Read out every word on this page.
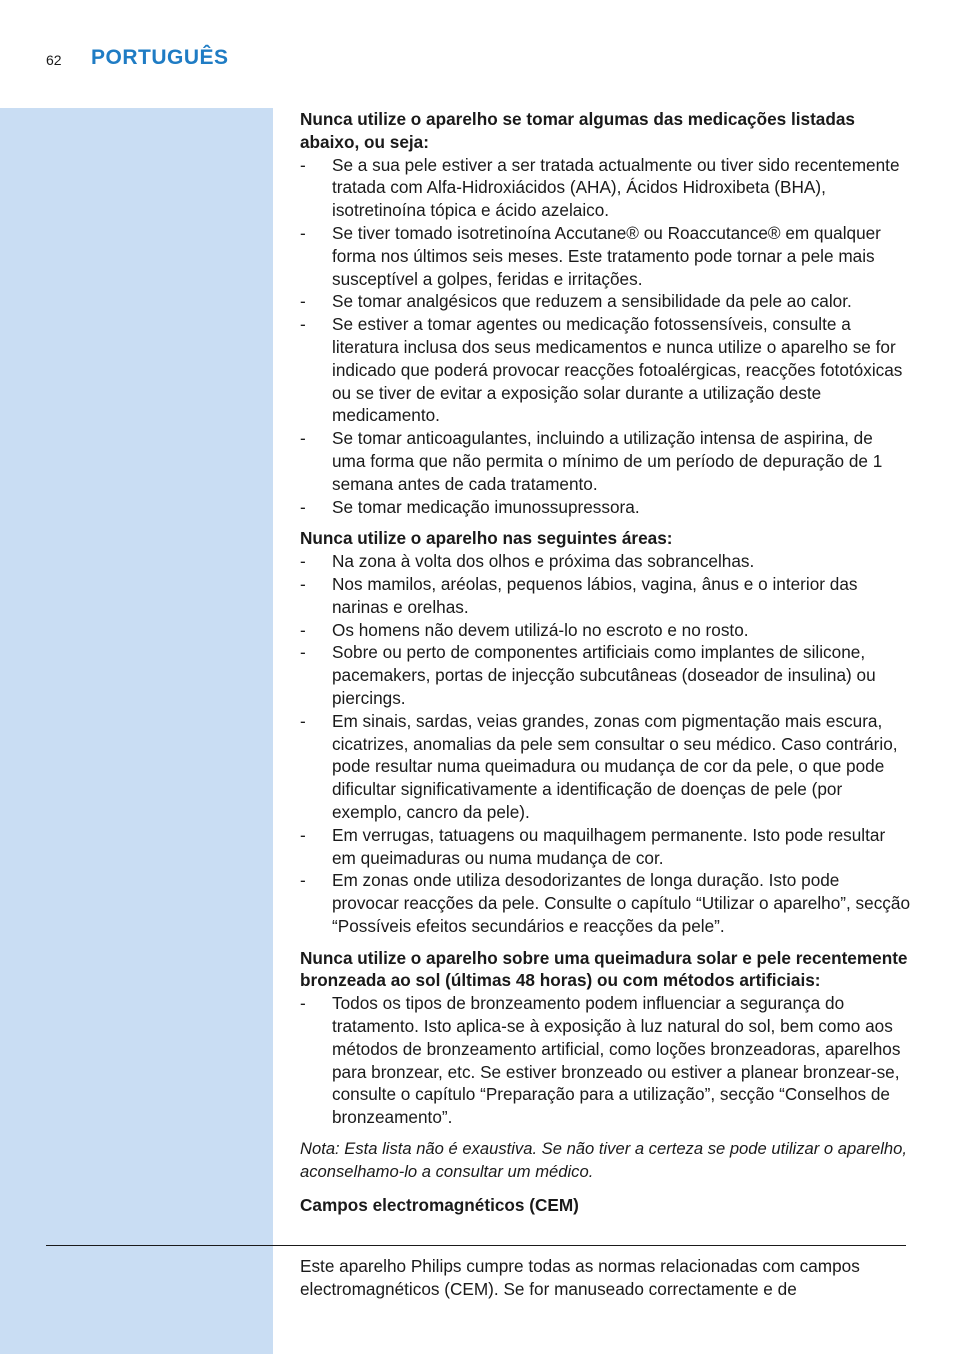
62 PORTUGUÊS

Nunca utilize o aparelho se tomar algumas das medicações listadas abaixo, ou seja:

- Se a sua pele estiver a ser tratada actualmente ou tiver sido recentemente tratada com Alfa-Hidroxiácidos (AHA), Ácidos Hidroxibeta (BHA), isotretinoína tópica e ácido azelaico.
- Se tiver tomado isotretinoína Accutane® ou Roaccutance® em qualquer forma nos últimos seis meses. Este tratamento pode tornar a pele mais susceptível a golpes, feridas e irritações.
- Se tomar analgésicos que reduzem a sensibilidade da pele ao calor.
- Se estiver a tomar agentes ou medicação fotossensíveis, consulte a literatura inclusa dos seus medicamentos e nunca utilize o aparelho se for indicado que poderá provocar reacções fotoalérgicas, reacções fototóxicas ou se tiver de evitar a exposição solar durante a utilização deste medicamento.
- Se tomar anticoagulantes, incluindo a utilização intensa de aspirina, de uma forma que não permita o mínimo de um período de depuração de 1 semana antes de cada tratamento.
- Se tomar medicação imunossupressora.

Nunca utilize o aparelho nas seguintes áreas:

- Na zona à volta dos olhos e próxima das sobrancelhas.
- Nos mamilos, aréolas, pequenos lábios, vagina, ânus e o interior das narinas e orelhas.
- Os homens não devem utilizá-lo no escroto e no rosto.
- Sobre ou perto de componentes artificiais como implantes de silicone, pacemakers, portas de injecção subcutâneas (doseador de insulina) ou piercings.
- Em sinais, sardas, veias grandes, zonas com pigmentação mais escura, cicatrizes, anomalias da pele sem consultar o seu médico. Caso contrário, pode resultar numa queimadura ou mudança de cor da pele, o que pode dificultar significativamente a identificação de doenças de pele (por exemplo, cancro da pele).
- Em verrugas, tatuagens ou maquilhagem permanente. Isto pode resultar em queimaduras ou numa mudança de cor.
- Em zonas onde utiliza desodorizantes de longa duração. Isto pode provocar reacções da pele. Consulte o capítulo “Utilizar o aparelho”, secção “Possíveis efeitos secundários e reacções da pele”.

Nunca utilize o aparelho sobre uma queimadura solar e pele recentemente bronzeada ao sol (últimas 48 horas) ou com métodos artificiais:

- Todos os tipos de bronzeamento podem influenciar a segurança do tratamento. Isto aplica-se à exposição à luz natural do sol, bem como aos métodos de bronzeamento artificial, como loções bronzeadoras, aparelhos para bronzear, etc. Se estiver bronzeado ou estiver a planear bronzear-se, consulte o capítulo “Preparação para a utilização”, secção “Conselhos de bronzeamento”.

Nota: Esta lista não é exaustiva. Se não tiver a certeza se pode utilizar o aparelho, aconselhamo-lo a consultar um médico.

Campos electromagnéticos (CEM)

Este aparelho Philips cumpre todas as normas relacionadas com campos electromagnéticos (CEM). Se for manuseado correctamente e de
